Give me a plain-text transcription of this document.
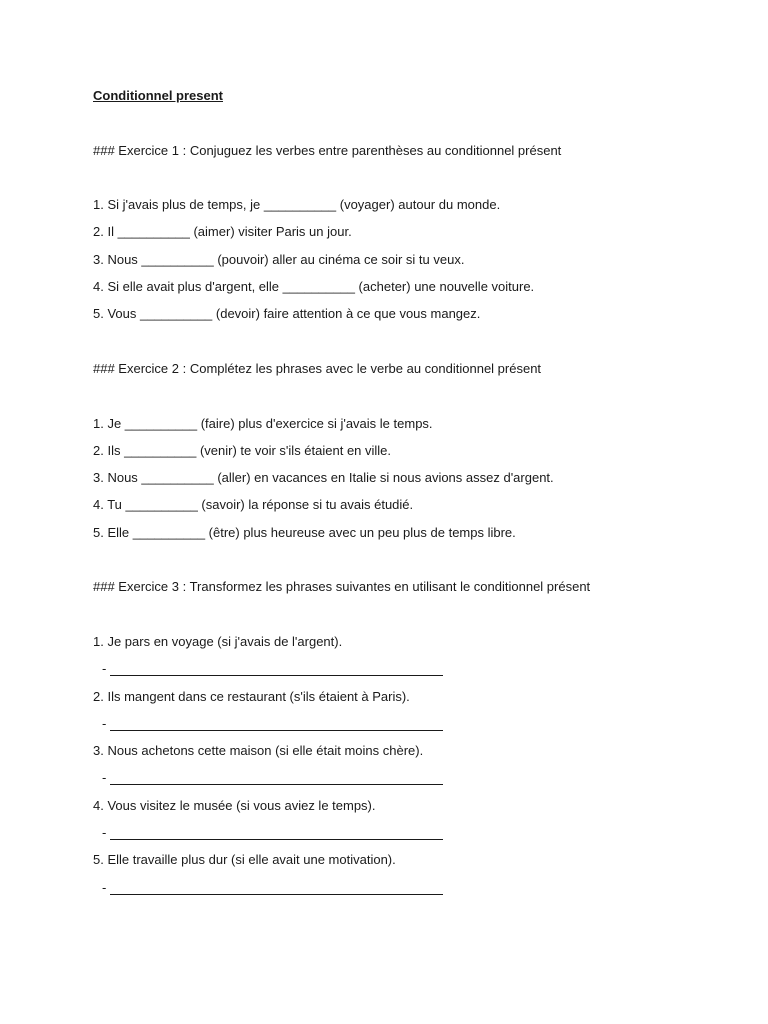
Conditionnel present
### Exercice 1 : Conjuguez les verbes entre parenthèses au conditionnel présent
1. Si j'avais plus de temps, je __________ (voyager) autour du monde.
2. Il __________ (aimer) visiter Paris un jour.
3. Nous __________ (pouvoir) aller au cinéma ce soir si tu veux.
4. Si elle avait plus d'argent, elle __________ (acheter) une nouvelle voiture.
5. Vous __________ (devoir) faire attention à ce que vous mangez.
### Exercice 2 : Complétez les phrases avec le verbe au conditionnel présent
1. Je __________ (faire) plus d'exercice si j'avais le temps.
2. Ils __________ (venir) te voir s'ils étaient en ville.
3. Nous __________ (aller) en vacances en Italie si nous avions assez d'argent.
4. Tu __________ (savoir) la réponse si tu avais étudié.
5. Elle __________ (être) plus heureuse avec un peu plus de temps libre.
### Exercice 3 : Transformez les phrases suivantes en utilisant le conditionnel présent
1. Je pars en voyage (si j'avais de l'argent).
-
2. Ils mangent dans ce restaurant (s'ils étaient à Paris).
-
3. Nous achetons cette maison (si elle était moins chère).
-
4. Vous visitez le musée (si vous aviez le temps).
-
5. Elle travaille plus dur (si elle avait une motivation).
-
